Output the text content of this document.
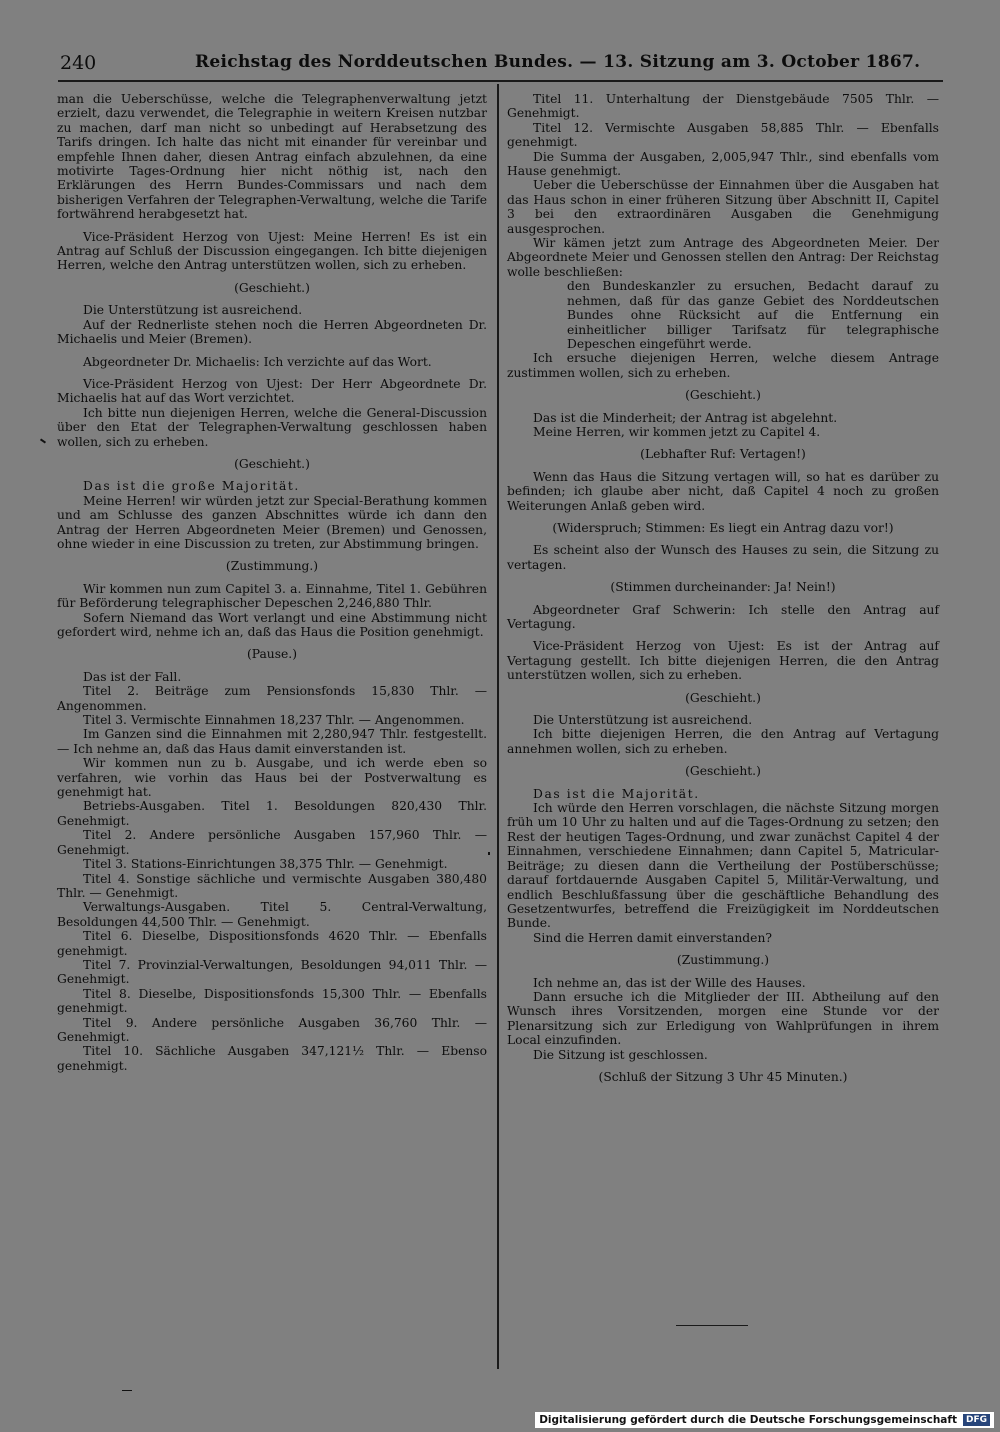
240	Reichstag des Norddeutschen Bundes. — 13. Sitzung am 3. October 1867.

man die Ueberschüsse, welche die Telegraphenverwaltung jetzt erzielt, dazu verwendet, die Telegraphie in weitern Kreisen nutzbar zu machen, darf man nicht so unbedingt auf Herabsetzung des Tarifs dringen. Ich halte das nicht mit einander für vereinbar und empfehle Ihnen daher, diesen Antrag einfach abzulehnen, da eine motivirte Tages-Ordnung hier nicht nöthig ist, nach den Erklärungen des Herrn Bundes-Commissars und nach dem bisherigen Verfahren der Telegraphen-Verwaltung, welche die Tarife fortwährend herabgesetzt hat.

Vice-Präsident Herzog von Ujest: Meine Herren! Es ist ein Antrag auf Schluß der Discussion eingegangen. Ich bitte diejenigen Herren, welche den Antrag unterstützen wollen, sich zu erheben.

(Geschieht.)

Die Unterstützung ist ausreichend.

Auf der Rednerliste stehen noch die Herren Abgeordneten Dr. Michaelis und Meier (Bremen).

Abgeordneter Dr. Michaelis: Ich verzichte auf das Wort.

Vice-Präsident Herzog von Ujest: Der Herr Abgeordnete Dr. Michaelis hat auf das Wort verzichtet.

Ich bitte nun diejenigen Herren, welche die General-Discussion über den Etat der Telegraphen-Verwaltung geschlossen haben wollen, sich zu erheben.

(Geschieht.)

Das ist die große Majorität.

Meine Herren! wir würden jetzt zur Special-Berathung kommen und am Schlusse des ganzen Abschnittes würde ich dann den Antrag der Herren Abgeordneten Meier (Bremen) und Genossen, ohne wieder in eine Discussion zu treten, zur Abstimmung bringen.

(Zustimmung.)

Wir kommen nun zum Capitel 3. a. Einnahme, Titel 1. Gebühren für Beförderung telegraphischer Depeschen 2,246,880 Thlr.

Sofern Niemand das Wort verlangt und eine Abstimmung nicht gefordert wird, nehme ich an, daß das Haus die Position genehmigt.

(Pause.)

Das ist der Fall.

Titel 2. Beiträge zum Pensionsfonds 15,830 Thlr. — Angenommen.

Titel 3. Vermischte Einnahmen 18,237 Thlr. — Angenommen.

Im Ganzen sind die Einnahmen mit 2,280,947 Thlr. festgestellt. — Ich nehme an, daß das Haus damit einverstanden ist.

Wir kommen nun zu b. Ausgabe, und ich werde eben so verfahren, wie vorhin das Haus bei der Postverwaltung es genehmigt hat.

Betriebs-Ausgaben. Titel 1. Besoldungen 820,430 Thlr. Genehmigt.

Titel 2. Andere persönliche Ausgaben 157,960 Thlr. — Genehmigt.

Titel 3. Stations-Einrichtungen 38,375 Thlr. — Genehmigt.

Titel 4. Sonstige sächliche und vermischte Ausgaben 380,480 Thlr. — Genehmigt.

Verwaltungs-Ausgaben. Titel 5. Central-Verwaltung, Besoldungen 44,500 Thlr. — Genehmigt.

Titel 6. Dieselbe, Dispositionsfonds 4620 Thlr. — Ebenfalls genehmigt.

Titel 7. Provinzial-Verwaltungen, Besoldungen 94,011 Thlr. — Genehmigt.

Titel 8. Dieselbe, Dispositionsfonds 15,300 Thlr. — Ebenfalls genehmigt.

Titel 9. Andere persönliche Ausgaben 36,760 Thlr. — Genehmigt.

Titel 10. Sächliche Ausgaben 347,121½ Thlr. — Ebenso genehmigt.

Titel 11. Unterhaltung der Dienstgebäude 7505 Thlr. — Genehmigt.

Titel 12. Vermischte Ausgaben 58,885 Thlr. — Ebenfalls genehmigt.

Die Summa der Ausgaben, 2,005,947 Thlr., sind ebenfalls vom Hause genehmigt.

Ueber die Ueberschüsse der Einnahmen über die Ausgaben hat das Haus schon in einer früheren Sitzung über Abschnitt II, Capitel 3 bei den extraordinären Ausgaben die Genehmigung ausgesprochen.

Wir kämen jetzt zum Antrage des Abgeordneten Meier. Der Abgeordnete Meier und Genossen stellen den Antrag: Der Reichstag wolle beschließen:

den Bundeskanzler zu ersuchen, Bedacht darauf zu nehmen, daß für das ganze Gebiet des Norddeutschen Bundes ohne Rücksicht auf die Entfernung ein einheitlicher billiger Tarifsatz für telegraphische Depeschen eingeführt werde.

Ich ersuche diejenigen Herren, welche diesem Antrage zustimmen wollen, sich zu erheben.

(Geschieht.)

Das ist die Minderheit; der Antrag ist abgelehnt.

Meine Herren, wir kommen jetzt zu Capitel 4.

(Lebhafter Ruf: Vertagen!)

Wenn das Haus die Sitzung vertagen will, so hat es darüber zu befinden; ich glaube aber nicht, daß Capitel 4 noch zu großen Weiterungen Anlaß geben wird.

(Widerspruch; Stimmen: Es liegt ein Antrag dazu vor!)

Es scheint also der Wunsch des Hauses zu sein, die Sitzung zu vertagen.

(Stimmen durcheinander: Ja! Nein!)

Abgeordneter Graf Schwerin: Ich stelle den Antrag auf Vertagung.

Vice-Präsident Herzog von Ujest: Es ist der Antrag auf Vertagung gestellt. Ich bitte diejenigen Herren, die den Antrag unterstützen wollen, sich zu erheben.

(Geschieht.)

Die Unterstützung ist ausreichend.

Ich bitte diejenigen Herren, die den Antrag auf Vertagung annehmen wollen, sich zu erheben.

(Geschieht.)

Das ist die Majorität.

Ich würde den Herren vorschlagen, die nächste Sitzung morgen früh um 10 Uhr zu halten und auf die Tages-Ordnung zu setzen; den Rest der heutigen Tages-Ordnung, und zwar zunächst Capitel 4 der Einnahmen, verschiedene Einnahmen; dann Capitel 5, Matricular-Beiträge; zu diesen dann die Vertheilung der Postüberschüsse; darauf fortdauernde Ausgaben Capitel 5, Militär-Verwaltung, und endlich Beschlußfassung über die geschäftliche Behandlung des Gesetzentwurfes, betreffend die Freizügigkeit im Norddeutschen Bunde.

Sind die Herren damit einverstanden?

(Zustimmung.)

Ich nehme an, das ist der Wille des Hauses.

Dann ersuche ich die Mitglieder der III. Abtheilung auf den Wunsch ihres Vorsitzenden, morgen eine Stunde vor der Plenarsitzung sich zur Erledigung von Wahlprüfungen in ihrem Local einzufinden.

Die Sitzung ist geschlossen.

(Schluß der Sitzung 3 Uhr 45 Minuten.)

Digitalisierung gefördert durch die Deutsche Forschungsgemeinschaft	DFG
